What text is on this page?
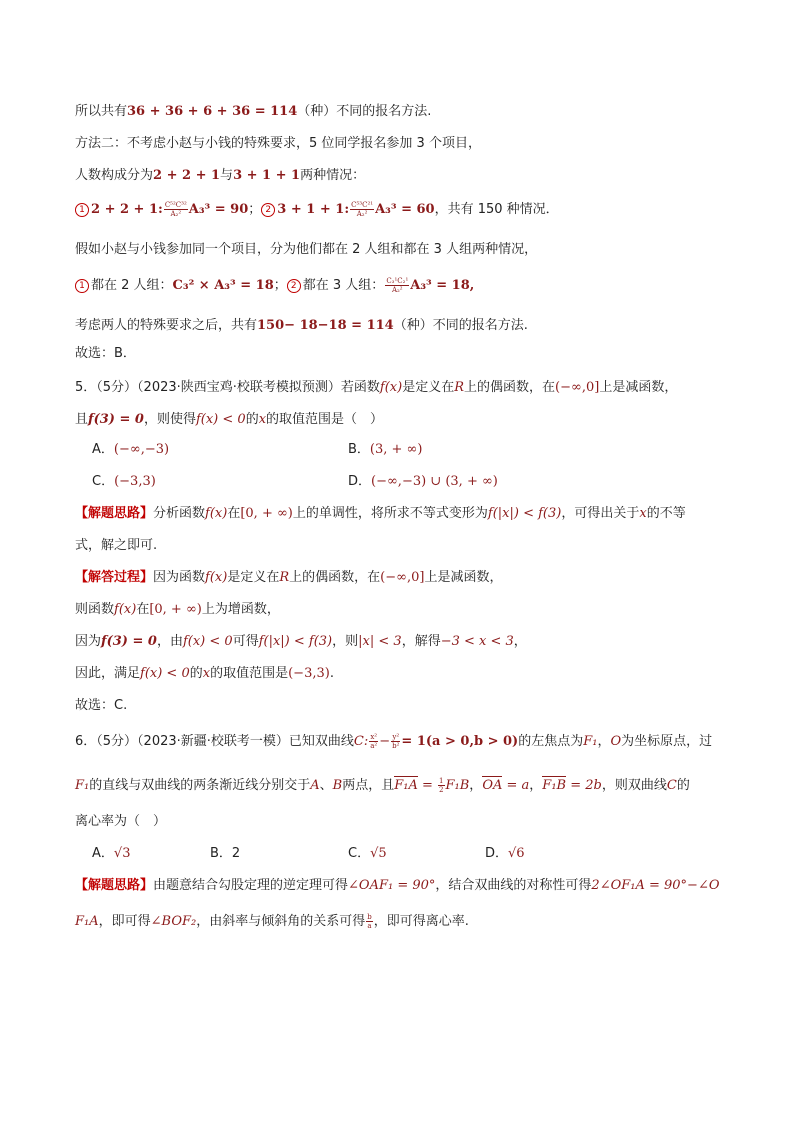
所以共有36 + 36 + 6 + 36 = 114（种）不同的报名方法.
方法二：不考虑小赵与小钱的特殊要求，5 位同学报名参加 3 个项目，
人数构成分为2 + 2 + 1与3 + 1 + 1两种情况：
1 2 + 2 + 1: $\frac{\text{C⁵²C³²}}{\text{A₂²}} A_3^3 = 90$； 2 3 + 1 + 1: $\frac{\text{C⁵³C²¹}}{\text{A₂²}} A_3^3 = 60$，共有 150 种情况．
假如小赵与小钱参加同一个项目，分为他们都在 2 人组和都在 3 人组两种情况，
1 都在 2 人组：C₃² × A₃³ = 18； 2 都在 3 人组： $\frac{\text{C₃¹C₂¹}}{\text{A₂²}} A_3^3 = 18$,
考虑两人的特殊要求之后，共有150− 18−18 = 114（种）不同的报名方法.
故选：B．
5．（5分）（2023·陕西宝鸡·校联考模拟预测）若函数f(x)是定义在R上的偶函数，在(−∞,0]上是减函数，
且f(3) = 0，则使得f(x) < 0的x的取值范围是（　）
A．(−∞,−3)	B．(3, + ∞)
C．(−3,3)	D．(−∞,−3) ∪ (3, + ∞)
【解题思路】分析函数f(x)在[0, + ∞)上的单调性，将所求不等式变形为f(|x|) < f(3)，可得出关于x的不等
式，解之即可.
【解答过程】因为函数f(x)是定义在R上的偶函数，在(−∞,0]上是减函数，
则函数f(x)在[0, + ∞)上为增函数，
因为f(3) = 0，由f(x) < 0可得f(|x|) < f(3)，则|x| < 3，解得−3 < x < 3，
因此，满足f(x) < 0的x的取值范围是(−3,3).
故选：C.
6．（5分）（2023·新疆·校联考一模）已知双曲线C: $\frac{\text{x²}}{\text{a²}} - \frac{\text{y²}}{\text{b²}} = 1(a > 0,b > 0)$的左焦点为F₁，O为坐标原点，过
F₁的直线与双曲线的两条渐近线分别交于A、B两点，且$F_1A = \frac{1}{2} F_1B$，OA = a，F₁B = 2b，则双曲线C的
离心率为（　）
A．√3	B．2	C．√5	D．√6
【解题思路】由题意结合勾股定理的逆定理可得∠OAF₁ = 90°，结合双曲线的对称性可得2∠OF₁A = 90°−∠O
F₁A，即可得∠BOF₂，由斜率与倾斜角的关系可得 $\frac{b}{a}$ ，即可得离心率.
